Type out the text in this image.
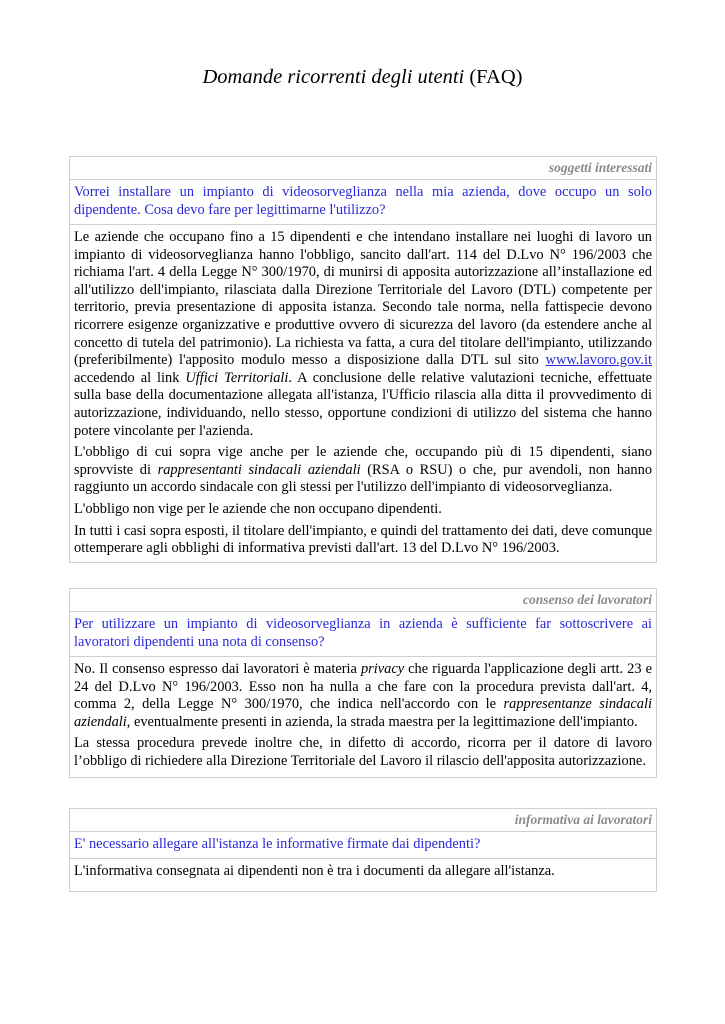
Domande ricorrenti degli utenti (FAQ)
soggetti interessati
Vorrei installare un impianto di videosorveglianza nella mia azienda, dove occupo un solo dipendente. Cosa devo fare per legittimarne l'utilizzo?

Le aziende che occupano fino a 15 dipendenti e che intendano installare nei luoghi di lavoro un impianto di videosorveglianza hanno l'obbligo, sancito dall'art. 114 del D.Lvo N° 196/2003 che richiama l'art. 4 della Legge N° 300/1970, di munirsi di apposita autorizzazione all’installazione ed all'utilizzo dell'impianto, rilasciata dalla Direzione Territoriale del Lavoro (DTL) competente per territorio, previa presentazione di apposita istanza. Secondo tale norma, nella fattispecie devono ricorrere esigenze organizzative e produttive ovvero di sicurezza del lavoro (da estendere anche al concetto di tutela del patrimonio). La richiesta va fatta, a cura del titolare dell'impianto, utilizzando (preferibilmente) l'apposito modulo messo a disposizione dalla DTL sul sito www.lavoro.gov.it accedendo al link Uffici Territoriali. A conclusione delle relative valutazioni tecniche, effettuate sulla base della documentazione allegata all'istanza, l'Ufficio rilascia alla ditta il provvedimento di autorizzazione, individuando, nello stesso, opportune condizioni di utilizzo del sistema che hanno potere vincolante per l'azienda.

L'obbligo di cui sopra vige anche per le aziende che, occupando più di 15 dipendenti, siano sprovviste di rappresentanti sindacali aziendali (RSA o RSU) o che, pur avendoli, non hanno raggiunto un accordo sindacale con gli stessi per l'utilizzo dell'impianto di videosorveglianza.

L'obbligo non vige per le aziende che non occupano dipendenti.

In tutti i casi sopra esposti, il titolare dell'impianto, e quindi del trattamento dei dati, deve comunque ottemperare agli obblighi di informativa previsti dall'art. 13 del D.Lvo N° 196/2003.

consenso dei lavoratori
Per utilizzare un impianto di videosorveglianza in azienda è sufficiente far sottoscrivere ai lavoratori dipendenti una nota di consenso?

No. Il consenso espresso dai lavoratori è materia privacy che riguarda l'applicazione degli artt. 23 e 24 del D.Lvo N° 196/2003. Esso non ha nulla a che fare con la procedura prevista dall'art. 4, comma 2, della Legge N° 300/1970, che indica nell'accordo con le rappresentanze sindacali aziendali, eventualmente presenti in azienda, la strada maestra per la legittimazione dell'impianto.

La stessa procedura prevede inoltre che, in difetto di accordo, ricorra per il datore di lavoro l’obbligo di richiedere alla Direzione Territoriale del Lavoro il rilascio dell'apposita autorizzazione.

informativa ai lavoratori
E' necessario allegare all'istanza le informative firmate dai dipendenti?

L'informativa consegnata ai dipendenti non è tra i documenti da allegare all'istanza.
